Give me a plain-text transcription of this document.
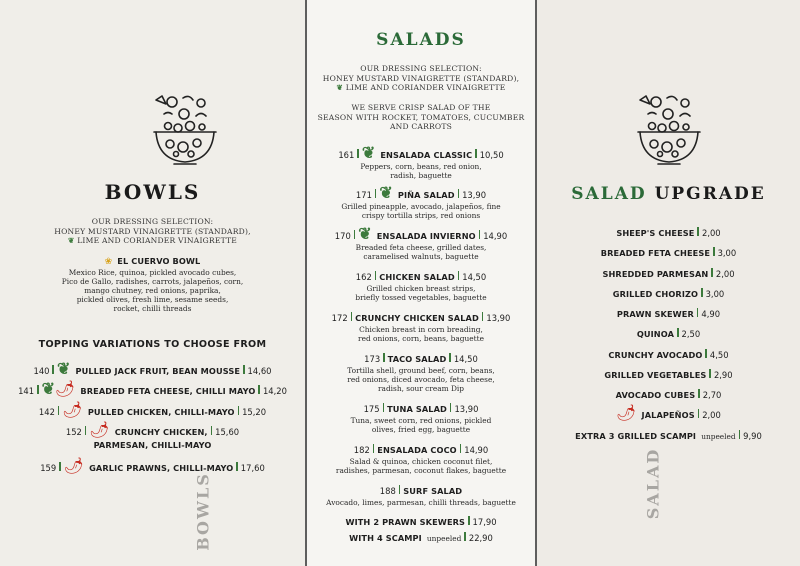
BOWLS
OUR DRESSING SELECTION:
HONEY MUSTARD VINAIGRETTE (STANDARD),
❦ LIME AND CORIANDER VINAIGRETTE
❀ EL CUERVO BOWL
Mexico Rice, quinoa, pickled avocado cubes,
Pico de Gallo, radishes, carrots, jalapeños, corn,
mango chutney, red onions, paprika,
pickled olives, fresh lime, sesame seeds,
rocket, chilli threads
TOPPING VARIATIONS TO CHOOSE FROM
140 ❦ PULLED JACK FRUIT, BEAN MOUSSE 14,60
141 ❦🌶 BREADED FETA CHEESE, CHILLI MAYO 14,20
142 🌶 PULLED CHICKEN, CHILLI-MAYO 15,20
152 🌶 CRUNCHY CHICKEN, 15,60
PARMESAN, CHILLI-MAYO
159 🌶 GARLIC PRAWNS, CHILLI-MAYO 17,60
BOWLS
SALADS
OUR DRESSING SELECTION:
HONEY MUSTARD VINAIGRETTE (STANDARD),
❦ LIME AND CORIANDER VINAIGRETTE
WE SERVE CRISP SALAD OF THE
SEASON WITH ROCKET, TOMATOES, CUCUMBER
AND CARROTS
161 ❦ ENSALADA CLASSIC 10,50
Peppers, corn, beans, red onion,
radish, baguette
171 ❦ PIÑA SALAD 13,90
Grilled pineapple, avocado, jalapeños, fine
crispy tortilla strips, red onions
170 ❦ ENSALADA INVIERNO 14,90
Breaded feta cheese, grilled dates,
caramelised walnuts, baguette
162 CHICKEN SALAD 14,50
Grilled chicken breast strips,
briefly tossed vegetables, baguette
172 CRUNCHY CHICKEN SALAD 13,90
Chicken breast in corn breading,
red onions, corn, beans, baguette
173 TACO SALAD 14,50
Tortilla shell, ground beef, corn, beans,
red onions, diced avocado, feta cheese,
radish, sour cream Dip
175 TUNA SALAD 13,90
Tuna, sweet corn, red onions, pickled
olives, fried egg, baguette
182 ENSALADA COCO 14,90
Salad & quinoa, chicken coconut filet,
radishes, parmesan, coconut flakes, baguette
188 SURF SALAD
Avocado, limes, parmesan, chilli threads, baguette
WITH 2 PRAWN SKEWERS 17,90
WITH 4 SCAMPI unpeeled 22,90
SALAD UPGRADE
SHEEP'S CHEESE 2,00
BREADED FETA CHEESE 3,00
SHREDDED PARMESAN 2,00
GRILLED CHORIZO 3,00
PRAWN SKEWER 4,90
QUINOA 2,50
CRUNCHY AVOCADO 4,50
GRILLED VEGETABLES 2,90
AVOCADO CUBES 2,70
🌶 JALAPEÑOS 2,00
EXTRA 3 GRILLED SCAMPI unpeeled 9,90
SALAD
